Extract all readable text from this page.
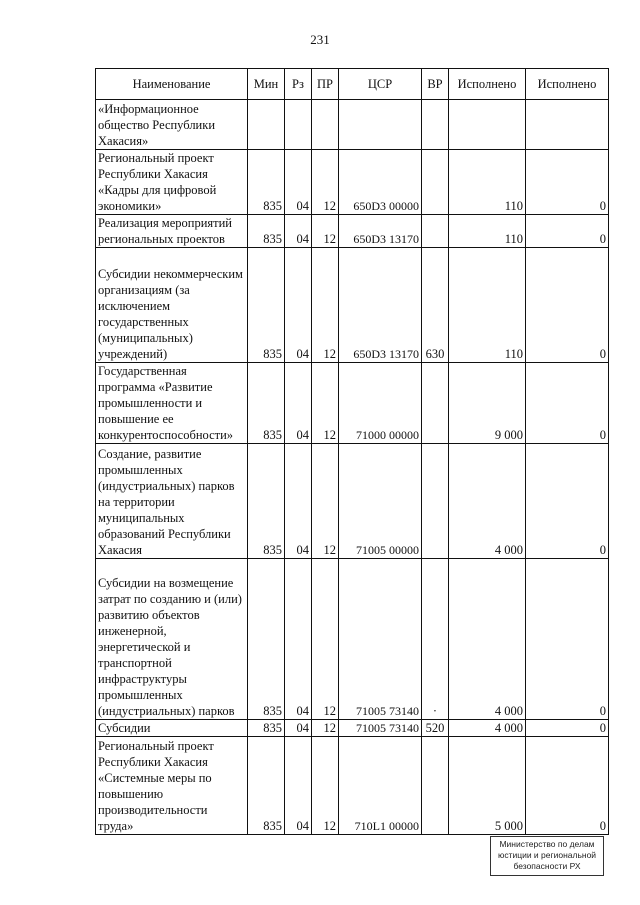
231
Наименование	Мин	Рз	ПР	ЦСР	ВР	Исполнено	Исполнено
«Информационное общество Республики Хакасия»							
Региональный проект Республики Хакасия «Кадры для цифровой экономики»	835	04	12	650D3 00000		110	0
Реализация мероприятий региональных проектов	835	04	12	650D3 13170		110	0
Субсидии некоммерческим организациям (за исключением государственных (муниципальных) учреждений)	835	04	12	650D3 13170	630	110	0
Государственная программа «Развитие промышленности и повышение ее конкурентоспособности»	835	04	12	71000 00000		9 000	0
Создание, развитие промышленных (индустриальных) парков на территории муниципальных образований Республики Хакасия	835	04	12	71005 00000		4 000	0
Субсидии на возмещение затрат по созданию и (или) развитию объектов инженерной, энергетической и транспортной инфраструктуры промышленных (индустриальных) парков	835	04	12	71005 73140	·	4 000	0
Субсидии	835	04	12	71005 73140	520	4 000	0
Региональный проект Республики Хакасия «Системные меры по повышению производительности труда»	835	04	12	710L1 00000		5 000	0
Министерство по делам
юстиции и региональной
безопасности РХ
